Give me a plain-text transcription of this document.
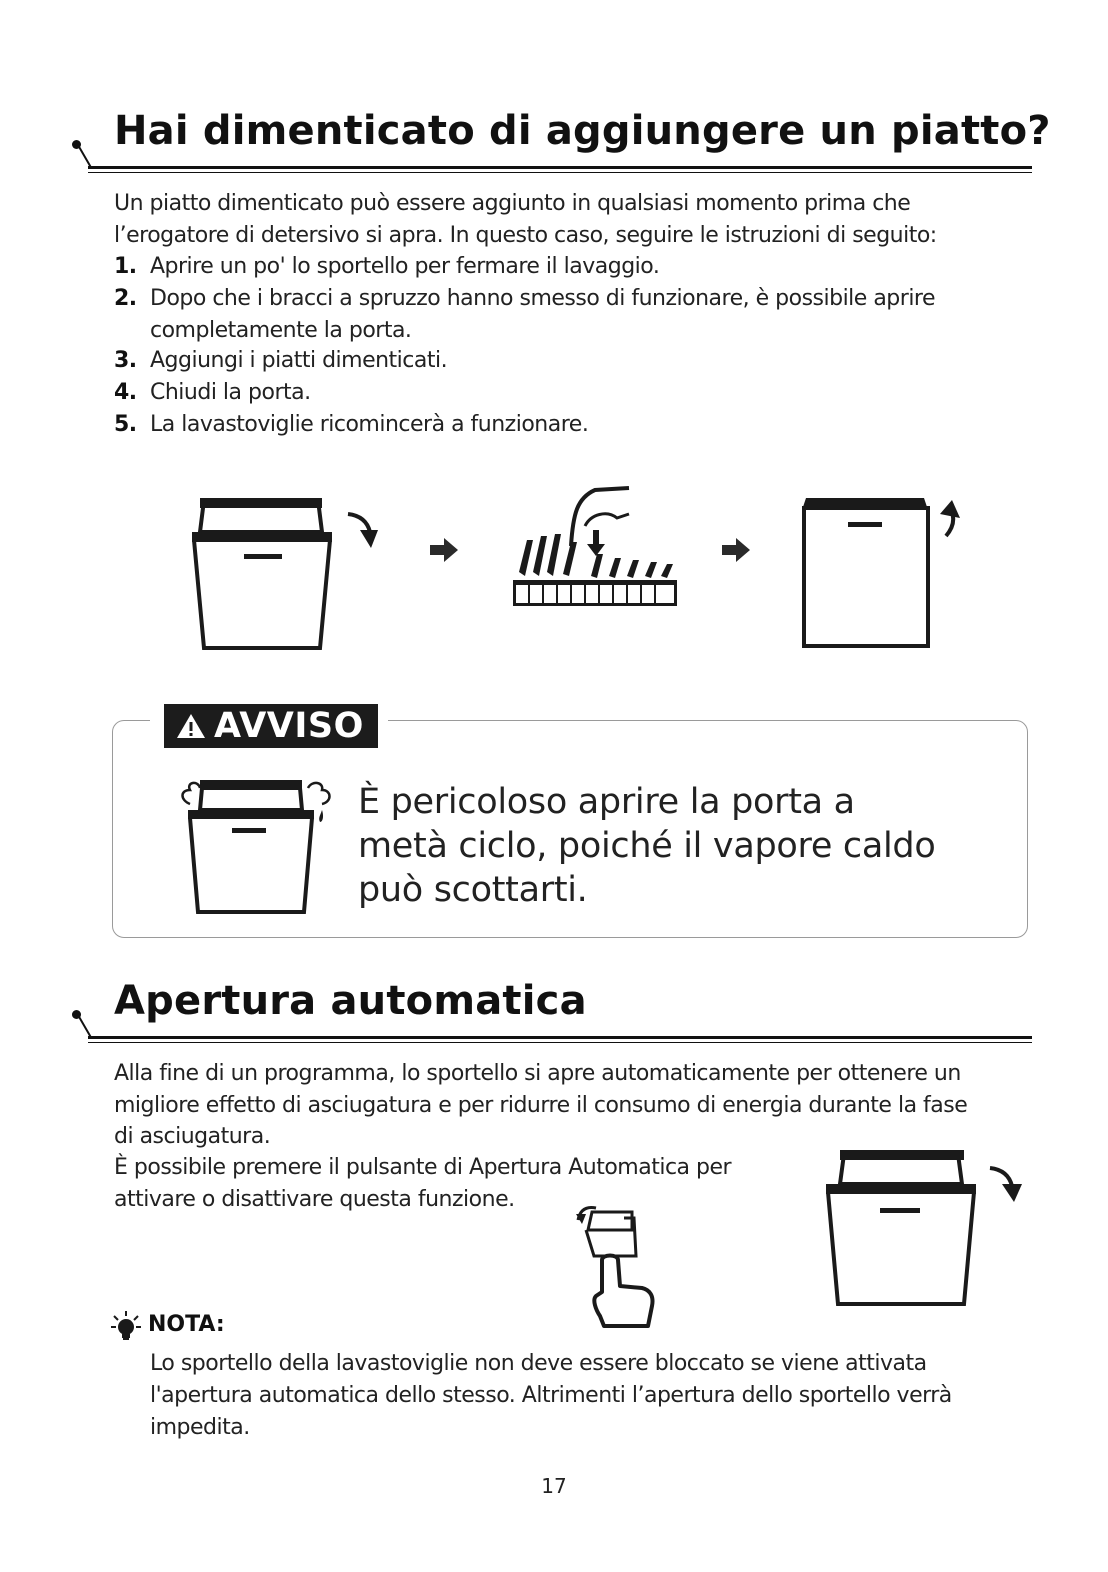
Hai dimenticato di aggiungere un piatto?
Un piatto dimenticato può essere aggiunto in qualsiasi momento prima che
l’erogatore di detersivo si apra. In questo caso, seguire le istruzioni di seguito:
1. Aprire un po' lo sportello per fermare il lavaggio.
2. Dopo che i bracci a spruzzo hanno smesso di funzionare, è possibile aprire
completamente la porta.
3. Aggiungi i piatti dimenticati.
4. Chiudi la porta.
5. La lavastoviglie ricomincerà a funzionare.
AVVISO
È pericoloso aprire la porta a
metà ciclo, poiché il vapore caldo
può scottarti.
Apertura automatica
Alla fine di un programma, lo sportello si apre automaticamente per ottenere un
migliore effetto di asciugatura e per ridurre il consumo di energia durante la fase
di asciugatura.
È possibile premere il pulsante di Apertura Automatica per
attivare o disattivare questa funzione.
NOTA:
Lo sportello della lavastoviglie non deve essere bloccato se viene attivata
l'apertura automatica dello stesso. Altrimenti l’apertura dello sportello verrà
impedita.
17
